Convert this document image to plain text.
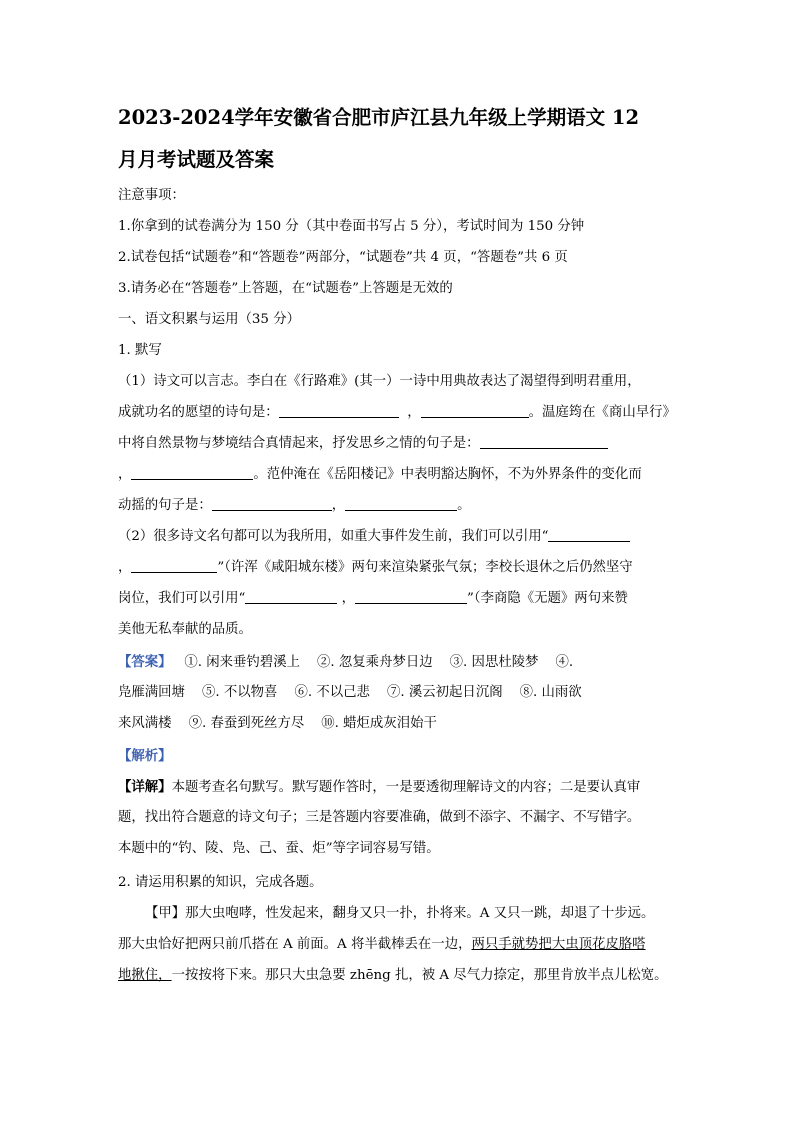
2023-2024学年安徽省合肥市庐江县九年级上学期语文 12
月月考试题及答案
注意事项：
1.你拿到的试卷满分为 150 分（其中卷面书写占 5 分），考试时间为 150 分钟
2.试卷包括“试题卷”和“答题卷”两部分，“试题卷”共 4 页，“答题卷”共 6 页
3.请务必在“答题卷”上答题，在“试题卷”上答题是无效的
一、语文积累与运用（35 分）
1. 默写
（1）诗文可以言志。李白在《行路难》(其一）一诗中用典故表达了渴望得到明君重用，
成就功名的愿望的诗句是：	，	。温庭筠在《商山早行》
中将自然景物与梦境结合真情起来，抒发思乡之情的句子是：
，	。范仲淹在《岳阳楼记》中表明豁达胸怀，不为外界条件的变化而
动摇的句子是：	，	。
（2）很多诗文名句都可以为我所用，如重大事件发生前，我们可以引用“
，	”（许浑《咸阳城东楼》两句来渲染紧张气氛；李校长退休之后仍然坚守
岗位，我们可以引用“	，	”（李商隐《无题》两句来赞
美他无私奉献的品质。
【答案】   ①. 闲来垂钓碧溪上    ②. 忽复乘舟梦日边    ③. 因思杜陵梦    ④.
凫雁满回塘    ⑤. 不以物喜    ⑥. 不以己悲    ⑦. 溪云初起日沉阁    ⑧. 山雨欲
来风满楼    ⑨. 春蚕到死丝方尽    ⑩. 蜡炬成灰泪始干
【解析】
【详解】本题考查名句默写。默写题作答时，一是要透彻理解诗文的内容；二是要认真审
题，找出符合题意的诗文句子；三是答题内容要准确，做到不添字、不漏字、不写错字。
本题中的“钓、陵、凫、己、蚕、炬”等字词容易写错。
2. 请运用积累的知识，完成各题。
【甲】那大虫咆哮，性发起来，翻身又只一扑，扑将来。A 又只一跳，却退了十步远。
那大虫恰好把两只前爪搭在 A 前面。A 将半截棒丢在一边，两只手就势把大虫顶花皮胳嗒
地揪住，一按按将下来。那只大虫急要 zhēng 扎，被 A 尽气力捺定，那里肯放半点儿松宽。
